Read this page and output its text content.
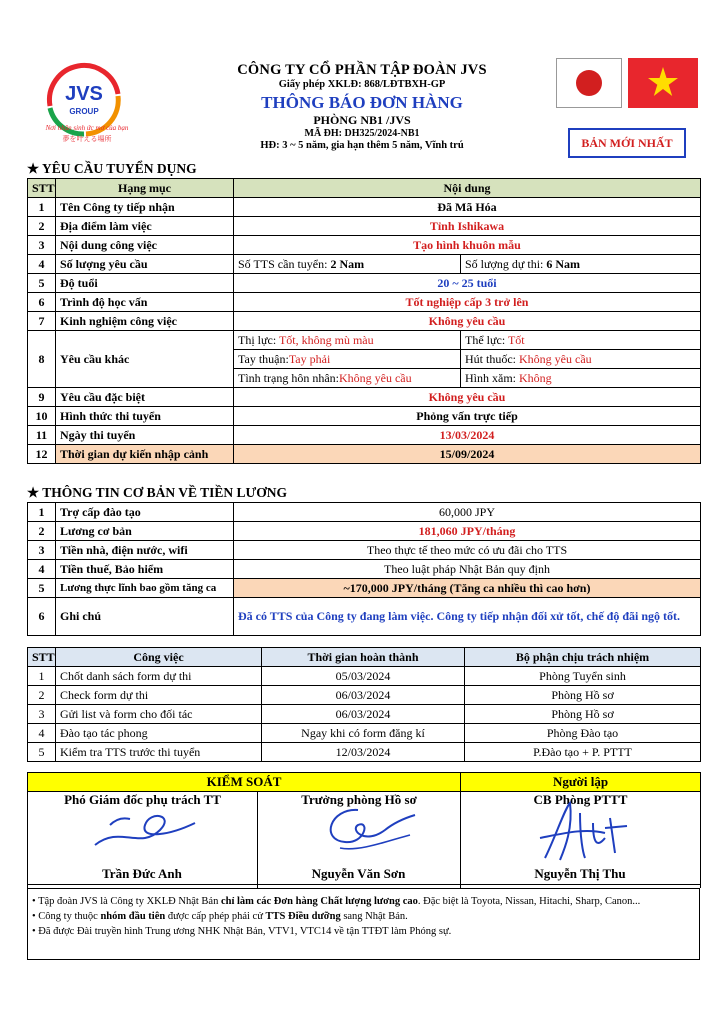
JVS
GROUP
Nơi nhận sinh ức mơ của bạn
夢を叶える場所
CÔNG TY CỔ PHẦN TẬP ĐOÀN JVS
Giấy phép XKLĐ: 868/LĐTBXH-GP
THÔNG BÁO ĐƠN HÀNG
PHÒNG NB1 /JVS
MÃ ĐH: DH325/2024-NB1
HĐ: 3 ~ 5 năm, gia hạn thêm 5 năm, Vĩnh trú	BẢN MỚI NHẤT
★ YÊU CẦU TUYỂN DỤNG
STT	Hạng mục	Nội dung	
1	Tên Công ty tiếp nhận	Đã Mã Hóa	
2	Địa điểm làm việc	Tỉnh Ishikawa	
3	Nội dung công việc	Tạo hình khuôn mẫu	
4	Số lượng yêu cầu	Số TTS cần tuyển: 2 Nam	Số lượng dự thi: 6 Nam
5	Độ tuổi	20 ~ 25 tuổi	
6	Trình độ học vấn	Tốt nghiệp cấp 3 trở lên	
7	Kinh nghiệm công việc	Không yêu cầu	
8	Yêu cầu khác	Thị lực: Tốt, không mù màu	Thể lực: Tốt
		Tay thuận:Tay phải	Hút thuốc: Không yêu cầu
		Tình trạng hôn nhân:Không yêu cầu	Hình xăm: Không
9	Yêu cầu đặc biệt	Không yêu cầu	
10	Hình thức thi tuyển	Phỏng vấn trực tiếp	
11	Ngày thi tuyển	13/03/2024	
12	Thời gian dự kiến nhập cảnh	15/09/2024	
★ THÔNG TIN CƠ BẢN VỀ TIỀN LƯƠNG
1	Trợ cấp đào tạo	60,000 JPY
2	Lương cơ bản	181,060 JPY/tháng
3	Tiền nhà, điện nước, wifi	Theo thực tế theo mức có ưu đãi cho TTS
4	Tiền thuế, Bảo hiểm	Theo luật pháp Nhật Bản quy định
5	Lương thực lĩnh bao gồm tăng ca	~170,000 JPY/tháng (Tăng ca nhiều thì cao hơn)
6	Ghi chú	Đã có TTS của Công ty đang làm việc. Công ty tiếp nhận đối xử tốt, chế độ đãi ngộ tốt.
STT	Công việc	Thời gian hoàn thành	Bộ phận chịu trách nhiệm
1	Chốt danh sách form dự thi	05/03/2024	Phòng Tuyển sinh
2	Check form dự thi	06/03/2024	Phòng Hồ sơ
3	Gửi list và form cho đối tác	06/03/2024	Phòng Hồ sơ
4	Đào tạo tác phong	Ngay khi có form đăng kí	Phòng Đào tạo
5	Kiểm tra TTS trước thi tuyển	12/03/2024	P.Đào tạo + P. PTTT
KIỂM SOÁT		Người lập

Phó Giám đốc phụ trách TT	Trưởng phòng Hồ sơ	CB Phòng PTTT
Trần Đức Anh	Nguyễn Văn Sơn	Nguyễn Thị Thu
• Tập đoàn JVS là Công ty XKLĐ Nhật Bản chỉ làm các Đơn hàng Chất lượng lương cao. Đặc biệt là Toyota, Nissan, Hitachi, Sharp, Canon...
• Công ty thuộc nhóm đầu tiên được cấp phép phải cử TTS Điều dưỡng sang Nhật Bản.
• Đã được Đài truyền hình Trung ương NHK Nhật Bản, VTV1, VTC14 về tận TTĐT làm Phóng sự.
